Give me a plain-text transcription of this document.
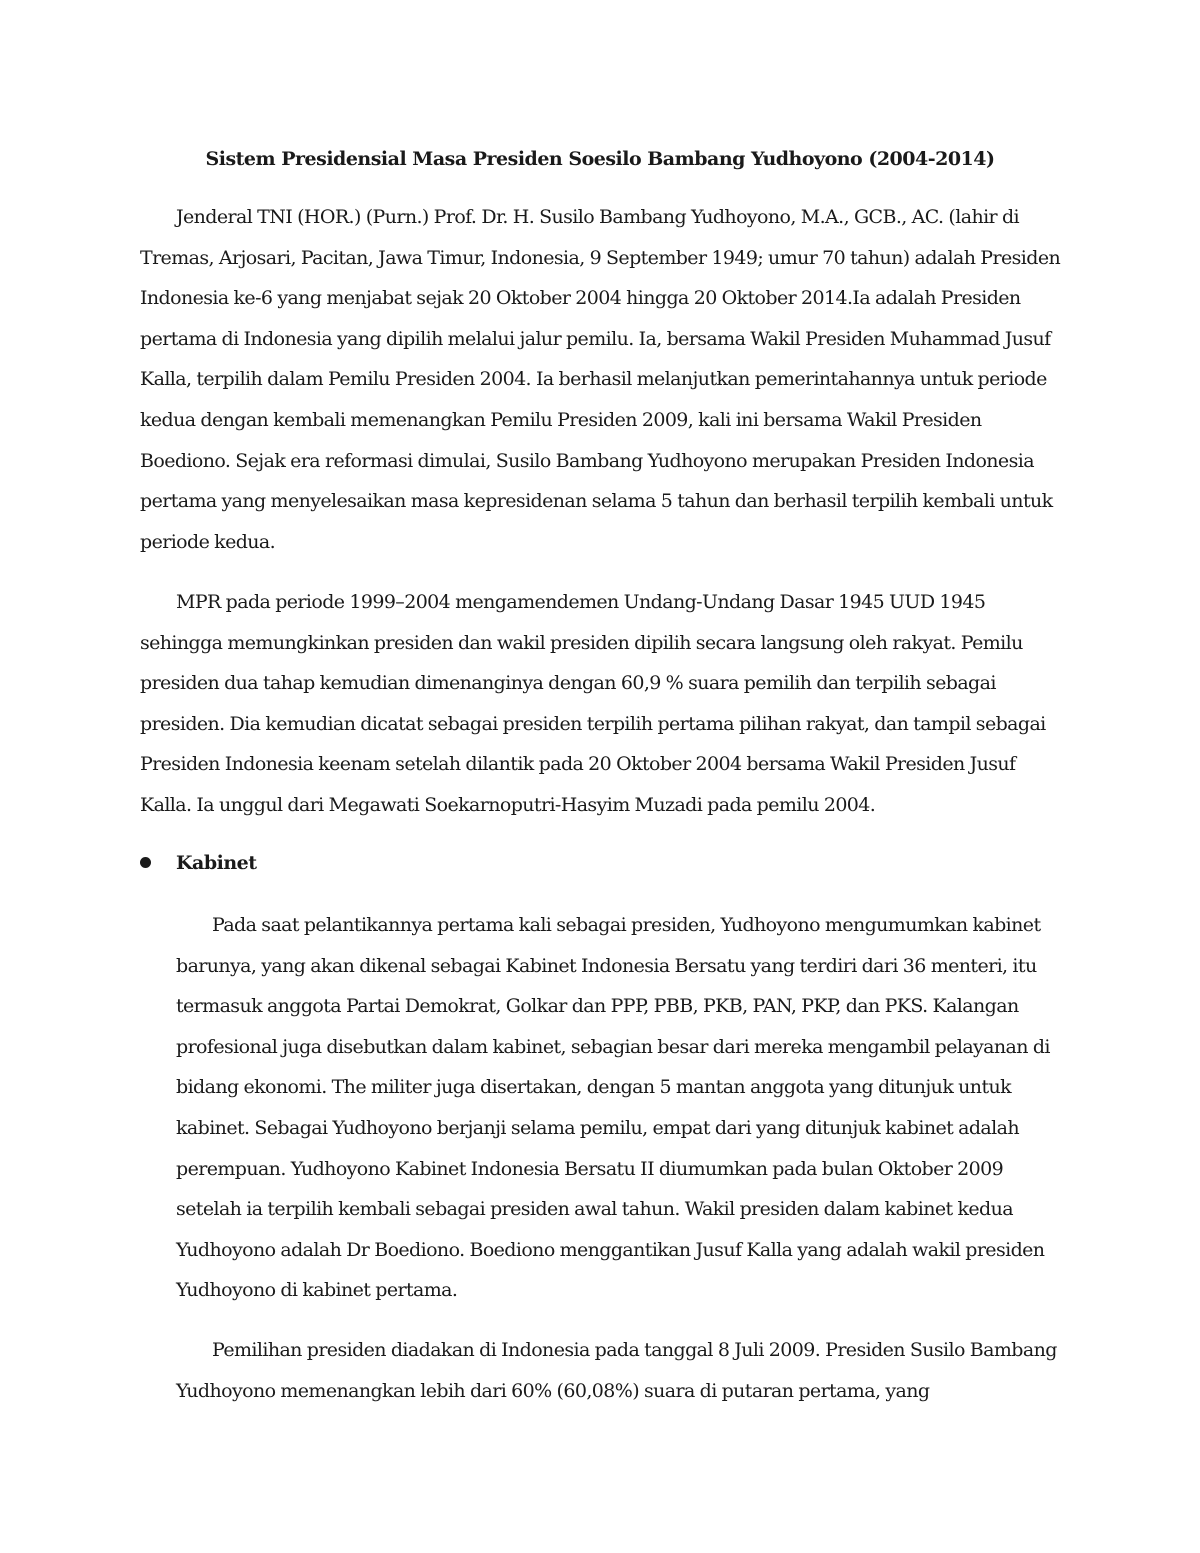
Sistem Presidensial Masa Presiden Soesilo Bambang Yudhoyono (2004-2014)

Jenderal TNI (HOR.) (Purn.) Prof. Dr. H. Susilo Bambang Yudhoyono, M.A., GCB., AC. (lahir di Tremas, Arjosari, Pacitan, Jawa Timur, Indonesia, 9 September 1949; umur 70 tahun) adalah Presiden Indonesia ke-6 yang menjabat sejak 20 Oktober 2004 hingga 20 Oktober 2014.Ia adalah Presiden pertama di Indonesia yang dipilih melalui jalur pemilu. Ia, bersama Wakil Presiden Muhammad Jusuf Kalla, terpilih dalam Pemilu Presiden 2004. Ia berhasil melanjutkan pemerintahannya untuk periode kedua dengan kembali memenangkan Pemilu Presiden 2009, kali ini bersama Wakil Presiden Boediono. Sejak era reformasi dimulai, Susilo Bambang Yudhoyono merupakan Presiden Indonesia pertama yang menyelesaikan masa kepresidenan selama 5 tahun dan berhasil terpilih kembali untuk periode kedua.

MPR pada periode 1999–2004 mengamendemen Undang-Undang Dasar 1945 UUD 1945 sehingga memungkinkan presiden dan wakil presiden dipilih secara langsung oleh rakyat. Pemilu presiden dua tahap kemudian dimenanginya dengan 60,9 % suara pemilih dan terpilih sebagai presiden. Dia kemudian dicatat sebagai presiden terpilih pertama pilihan rakyat, dan tampil sebagai Presiden Indonesia keenam setelah dilantik pada 20 Oktober 2004 bersama Wakil Presiden Jusuf Kalla. Ia unggul dari Megawati Soekarnoputri-Hasyim Muzadi pada pemilu 2004.

Kabinet

Pada saat pelantikannya pertama kali sebagai presiden, Yudhoyono mengumumkan kabinet barunya, yang akan dikenal sebagai Kabinet Indonesia Bersatu yang terdiri dari 36 menteri, itu termasuk anggota Partai Demokrat, Golkar dan PPP, PBB, PKB, PAN, PKP, dan PKS. Kalangan profesional juga disebutkan dalam kabinet, sebagian besar dari mereka mengambil pelayanan di bidang ekonomi. The militer juga disertakan, dengan 5 mantan anggota yang ditunjuk untuk kabinet. Sebagai Yudhoyono berjanji selama pemilu, empat dari yang ditunjuk kabinet adalah perempuan. Yudhoyono Kabinet Indonesia Bersatu II diumumkan pada bulan Oktober 2009 setelah ia terpilih kembali sebagai presiden awal tahun. Wakil presiden dalam kabinet kedua Yudhoyono adalah Dr Boediono. Boediono menggantikan Jusuf Kalla yang adalah wakil presiden Yudhoyono di kabinet pertama.

Pemilihan presiden diadakan di Indonesia pada tanggal 8 Juli 2009. Presiden Susilo Bambang Yudhoyono memenangkan lebih dari 60% (60,08%) suara di putaran pertama, yang
